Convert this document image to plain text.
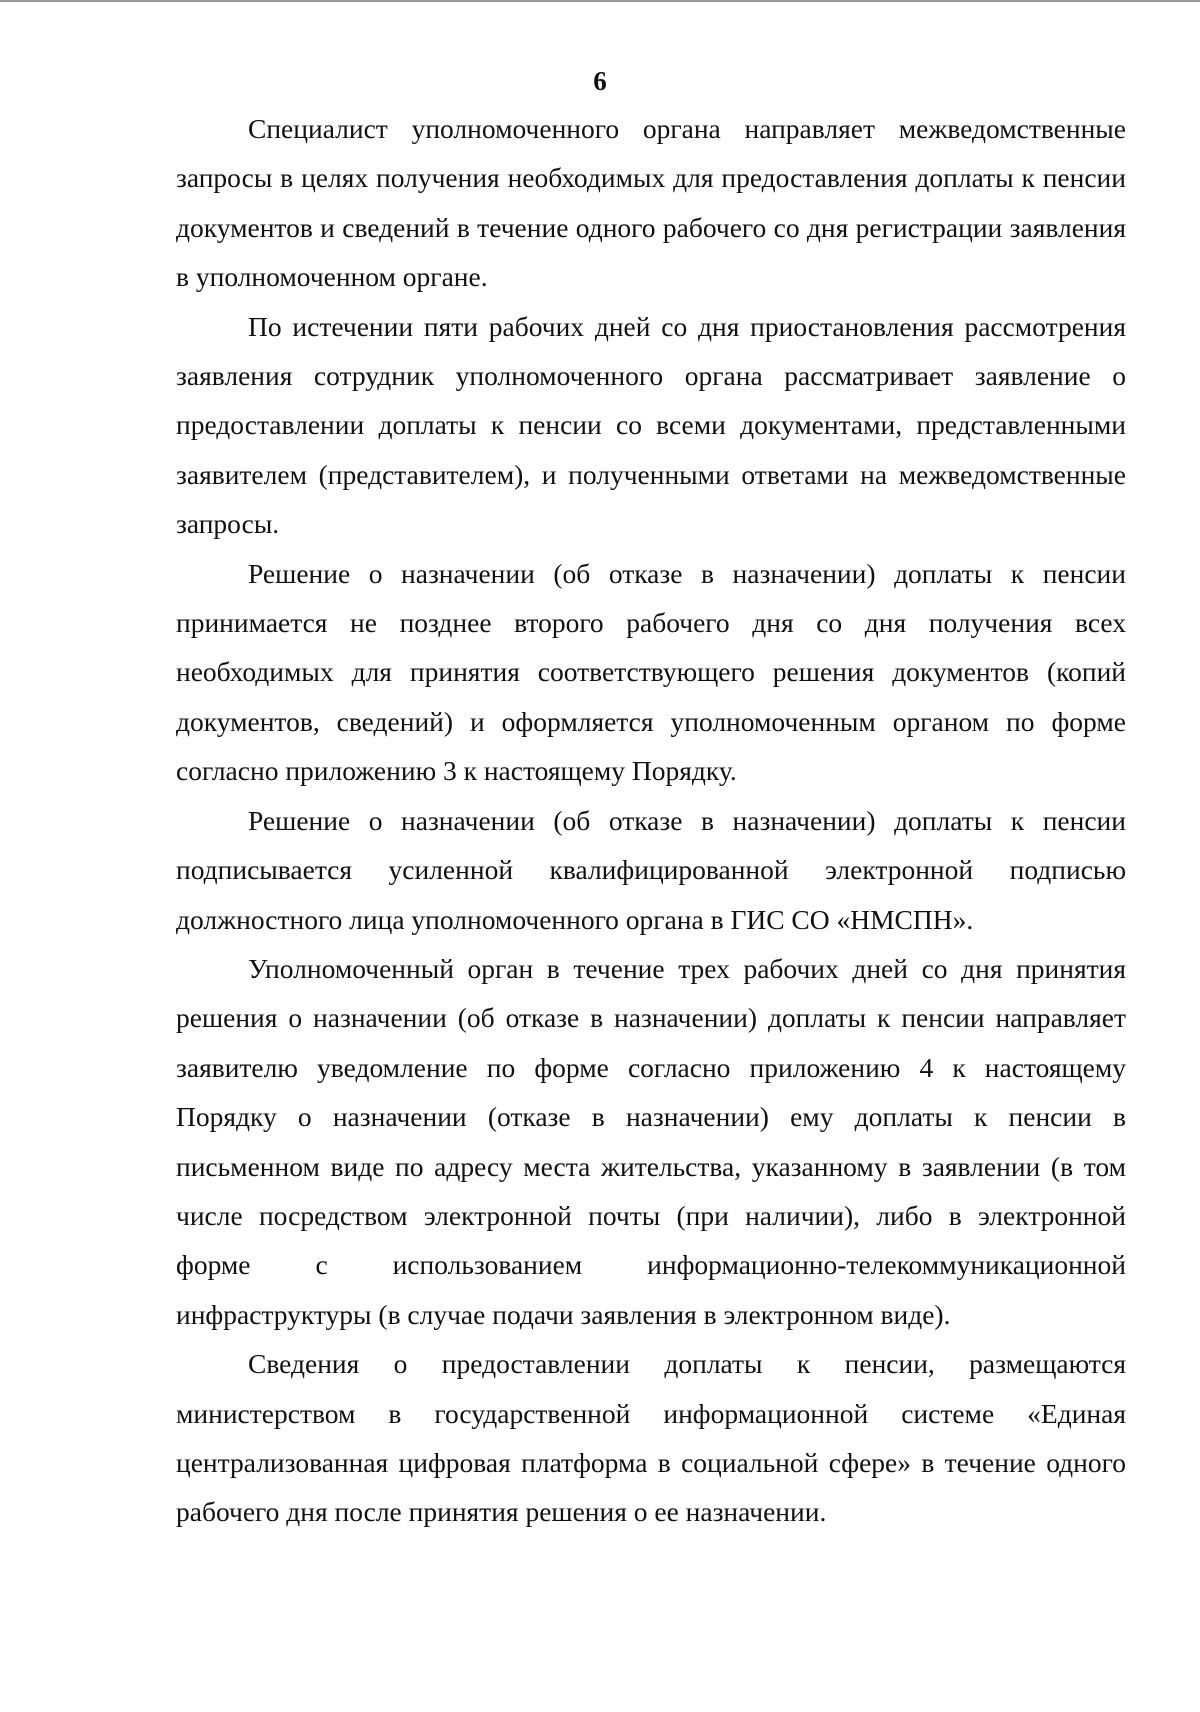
6

Специалист уполномоченного органа направляет межведомственные запросы в целях получения необходимых для предоставления доплаты к пенсии документов и сведений в течение одного рабочего со дня регистрации заявления в уполномоченном органе.

По истечении пяти рабочих дней со дня приостановления рассмотрения заявления сотрудник уполномоченного органа рассматривает заявление о предоставлении доплаты к пенсии со всеми документами, представленными заявителем (представителем), и полученными ответами на межведомственные запросы.

Решение о назначении (об отказе в назначении) доплаты к пенсии принимается не позднее второго рабочего дня со дня получения всех необходимых для принятия соответствующего решения документов (копий документов, сведений) и оформляется уполномоченным органом по форме согласно приложению 3 к настоящему Порядку.

Решение о назначении (об отказе в назначении) доплаты к пенсии подписывается усиленной квалифицированной электронной подписью должностного лица уполномоченного органа в ГИС СО «НМСПН».

Уполномоченный орган в течение трех рабочих дней со дня принятия решения о назначении (об отказе в назначении) доплаты к пенсии направляет заявителю уведомление по форме согласно приложению 4 к настоящему Порядку о назначении (отказе в назначении) ему доплаты к пенсии в письменном виде по адресу места жительства, указанному в заявлении (в том числе посредством электронной почты (при наличии), либо в электронной форме с использованием информационно-телекоммуникационной инфраструктуры (в случае подачи заявления в электронном виде).

Сведения о предоставлении доплаты к пенсии, размещаются министерством в государственной информационной системе «Единая централизованная цифровая платформа в социальной сфере» в течение одного рабочего дня после принятия решения о ее назначении.
